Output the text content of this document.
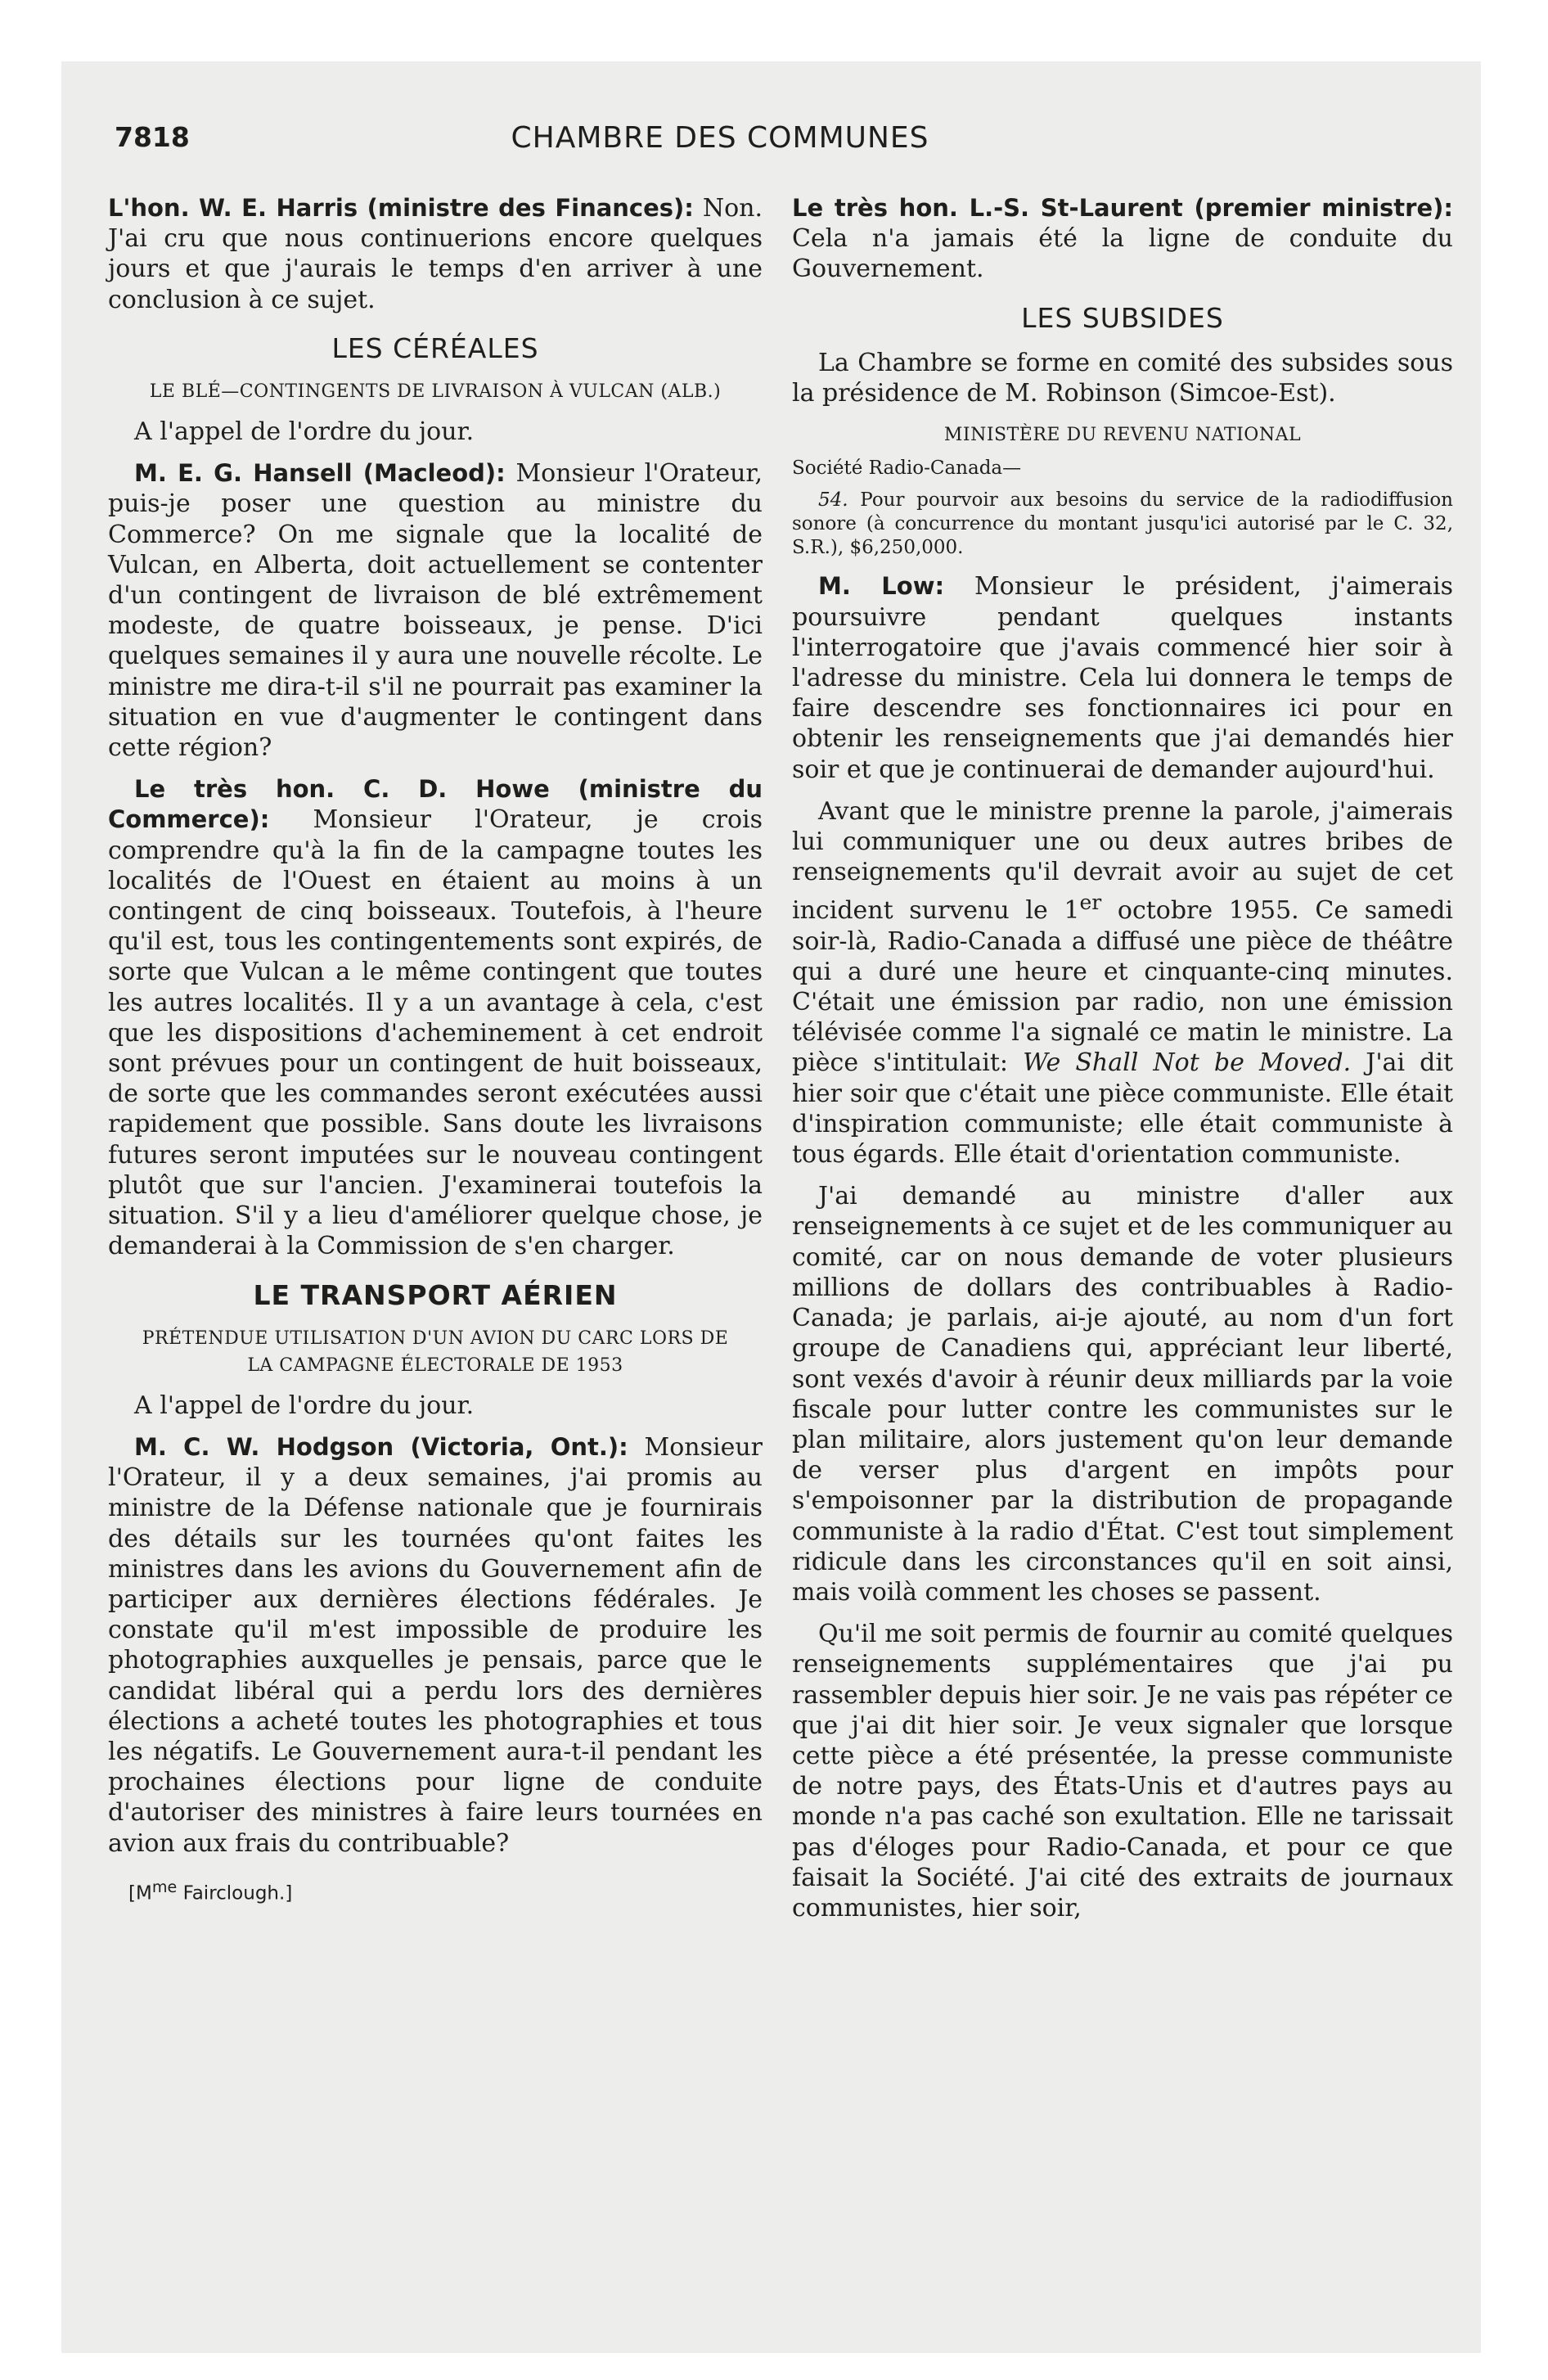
7818	CHAMBRE DES COMMUNES

L'hon. W. E. Harris (ministre des Finances): Non. J'ai cru que nous continuerions encore quelques jours et que j'aurais le temps d'en arriver à une conclusion à ce sujet.

LES CÉRÉALES
LE BLÉ—CONTINGENTS DE LIVRAISON À VULCAN (ALB.)

A l'appel de l'ordre du jour.

M. E. G. Hansell (Macleod): Monsieur l'Orateur, puis-je poser une question au ministre du Commerce? On me signale que la localité de Vulcan, en Alberta, doit actuellement se contenter d'un contingent de livraison de blé extrêmement modeste, de quatre boisseaux, je pense. D'ici quelques semaines il y aura une nouvelle récolte. Le ministre me dira-t-il s'il ne pourrait pas examiner la situation en vue d'augmenter le contingent dans cette région?

Le très hon. C. D. Howe (ministre du Commerce): Monsieur l'Orateur, je crois comprendre qu'à la fin de la campagne toutes les localités de l'Ouest en étaient au moins à un contingent de cinq boisseaux. Toutefois, à l'heure qu'il est, tous les contingentements sont expirés, de sorte que Vulcan a le même contingent que toutes les autres localités. Il y a un avantage à cela, c'est que les dispositions d'acheminement à cet endroit sont prévues pour un contingent de huit boisseaux, de sorte que les commandes seront exécutées aussi rapidement que possible. Sans doute les livraisons futures seront imputées sur le nouveau contingent plutôt que sur l'ancien. J'examinerai toutefois la situation. S'il y a lieu d'améliorer quelque chose, je demanderai à la Commission de s'en charger.

LE TRANSPORT AÉRIEN
PRÉTENDUE UTILISATION D'UN AVION DU CARC LORS DE LA CAMPAGNE ÉLECTORALE DE 1953

A l'appel de l'ordre du jour.

M. C. W. Hodgson (Victoria, Ont.): Monsieur l'Orateur, il y a deux semaines, j'ai promis au ministre de la Défense nationale que je fournirais des détails sur les tournées qu'ont faites les ministres dans les avions du Gouvernement afin de participer aux dernières élections fédérales. Je constate qu'il m'est impossible de produire les photographies auxquelles je pensais, parce que le candidat libéral qui a perdu lors des dernières élections a acheté toutes les photographies et tous les négatifs. Le Gouvernement aura-t-il pendant les prochaines élections pour ligne de conduite d'autoriser des ministres à faire leurs tournées en avion aux frais du contribuable?

[$M^{me}$ Fairclough.]

Le très hon. L.-S. St-Laurent (premier ministre): Cela n'a jamais été la ligne de conduite du Gouvernement.

LES SUBSIDES

La Chambre se forme en comité des subsides sous la présidence de M. Robinson (Simcoe-Est).

MINISTÈRE DU REVENU NATIONAL
Société Radio-Canada—
54. Pour pourvoir aux besoins du service de la radiodiffusion sonore (à concurrence du montant jusqu'ici autorisé par le C. 32, S.R.), $6,250,000.

M. Low: Monsieur le président, j'aimerais poursuivre pendant quelques instants l'interrogatoire que j'avais commencé hier soir à l'adresse du ministre. Cela lui donnera le temps de faire descendre ses fonctionnaires ici pour en obtenir les renseignements que j'ai demandés hier soir et que je continuerai de demander aujourd'hui.

Avant que le ministre prenne la parole, j'aimerais lui communiquer une ou deux autres bribes de renseignements qu'il devrait avoir au sujet de cet incident survenu le 1er octobre 1955. Ce samedi soir-là, Radio-Canada a diffusé une pièce de théâtre qui a duré une heure et cinquante-cinq minutes. C'était une émission par radio, non une émission télévisée comme l'a signalé ce matin le ministre. La pièce s'intitulait: We Shall Not be Moved. J'ai dit hier soir que c'était une pièce communiste. Elle était d'inspiration communiste; elle était communiste à tous égards. Elle était d'orientation communiste.

J'ai demandé au ministre d'aller aux renseignements à ce sujet et de les communiquer au comité, car on nous demande de voter plusieurs millions de dollars des contribuables à Radio-Canada; je parlais, ai-je ajouté, au nom d'un fort groupe de Canadiens qui, appréciant leur liberté, sont vexés d'avoir à réunir deux milliards par la voie fiscale pour lutter contre les communistes sur le plan militaire, alors justement qu'on leur demande de verser plus d'argent en impôts pour s'empoisonner par la distribution de propagande communiste à la radio d'État. C'est tout simplement ridicule dans les circonstances qu'il en soit ainsi, mais voilà comment les choses se passent.

Qu'il me soit permis de fournir au comité quelques renseignements supplémentaires que j'ai pu rassembler depuis hier soir. Je ne vais pas répéter ce que j'ai dit hier soir. Je veux signaler que lorsque cette pièce a été présentée, la presse communiste de notre pays, des États-Unis et d'autres pays au monde n'a pas caché son exultation. Elle ne tarissait pas d'éloges pour Radio-Canada, et pour ce que faisait la Société. J'ai cité des extraits de journaux communistes, hier soir,
